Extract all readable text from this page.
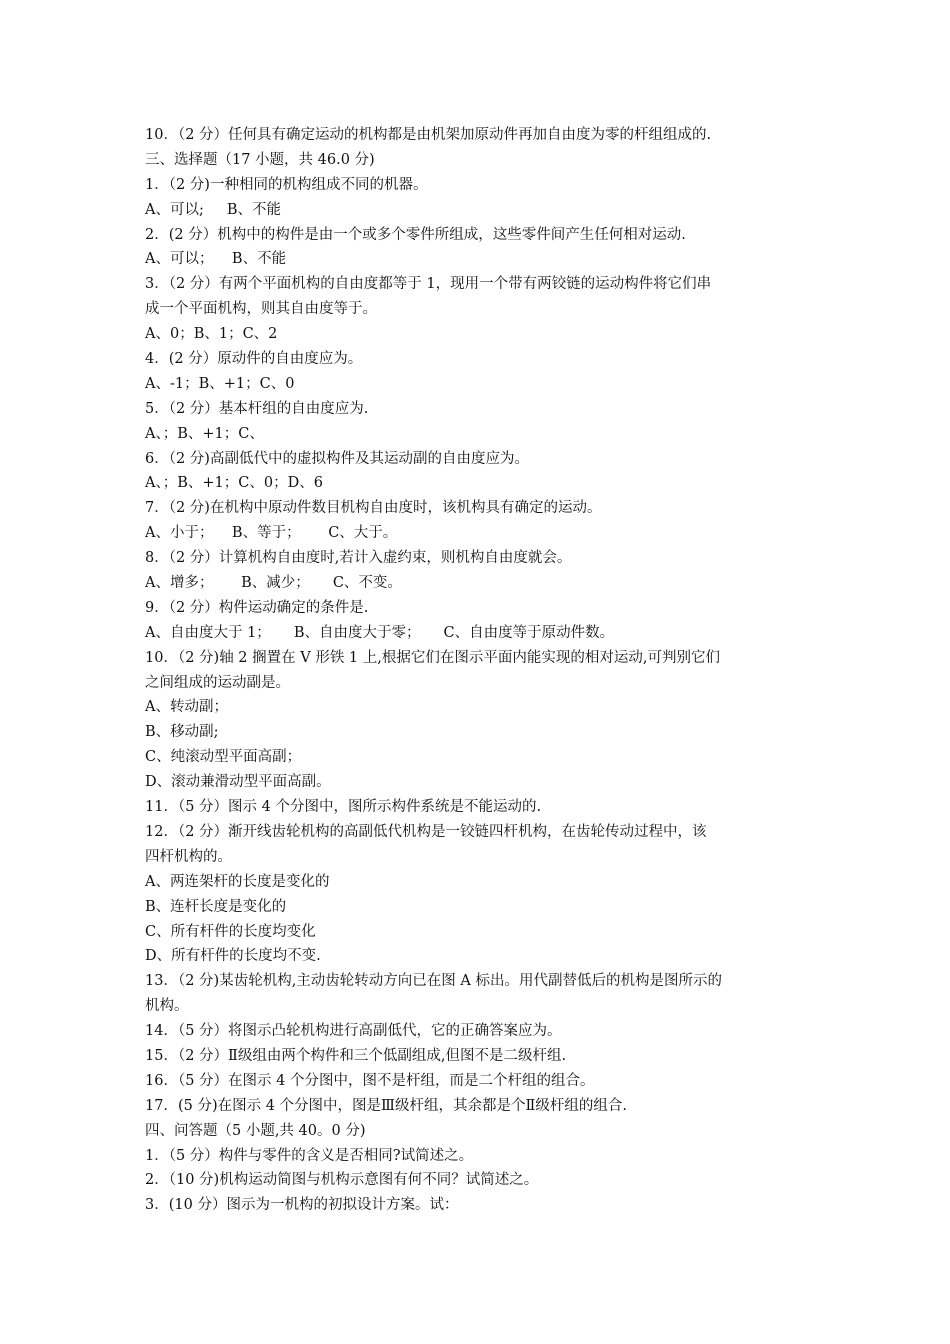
10．（2 分）任何具有确定运动的机构都是由机架加原动件再加自由度为零的杆组组成的.
三、选择题（17 小题，共 46.0 分)
1．（2 分)一种相同的机构组成不同的机器。
A、可以;     B、不能
2．(2 分）机构中的构件是由一个或多个零件所组成，这些零件间产生任何相对运动.
A、可以；    B、不能
3．（2 分）有两个平面机构的自由度都等于 1，现用一个带有两铰链的运动构件将它们串
成一个平面机构，则其自由度等于。
A、0；B、1；C、2
4．(2 分）原动件的自由度应为。
A、-1；B、+1；C、0
5．（2 分）基本杆组的自由度应为.
A、；B、+1；C、
6．（2 分)高副低代中的虚拟构件及其运动副的自由度应为。
A、；B、+1；C、0；D、6
7．（2 分)在机构中原动件数目机构自由度时，该机构具有确定的运动。
A、小于；    B、等于；      C、大于。
8．（2 分）计算机构自由度时,若计入虚约束，则机构自由度就会。
A、增多；      B、减少；     C、不变。
9．（2 分）构件运动确定的条件是.
A、自由度大于 1；     B、自由度大于零；     C、自由度等于原动件数。
10．（2 分)轴 2 搁置在 V 形铁 1 上,根据它们在图示平面内能实现的相对运动,可判别它们
之间组成的运动副是。
A、转动副；
B、移动副;
C、纯滚动型平面高副；
D、滚动兼滑动型平面高副。
11．（5 分）图示 4 个分图中，图所示构件系统是不能运动的.
12．（2 分）渐开线齿轮机构的高副低代机构是一铰链四杆机构，在齿轮传动过程中，该
四杆机构的。
A、两连架杆的长度是变化的
B、连杆长度是变化的
C、所有杆件的长度均变化
D、所有杆件的长度均不变.
13．（2 分)某齿轮机构,主动齿轮转动方向已在图 A 标出。用代副替低后的机构是图所示的
机构。
14．（5 分）将图示凸轮机构进行高副低代，它的正确答案应为。
15．（2 分）Ⅱ级组由两个构件和三个低副组成,但图不是二级杆组.
16．（5 分）在图示 4 个分图中，图不是杆组，而是二个杆组的组合。
17．(5 分)在图示 4 个分图中，图是Ⅲ级杆组，其余都是个Ⅱ级杆组的组合.
四、问答题（5 小题,共 40。0 分)
1．（5 分）构件与零件的含义是否相同?试简述之。
2．（10 分)机构运动简图与机构示意图有何不同？试简述之。
3．(10 分）图示为一机构的初拟设计方案。试：
